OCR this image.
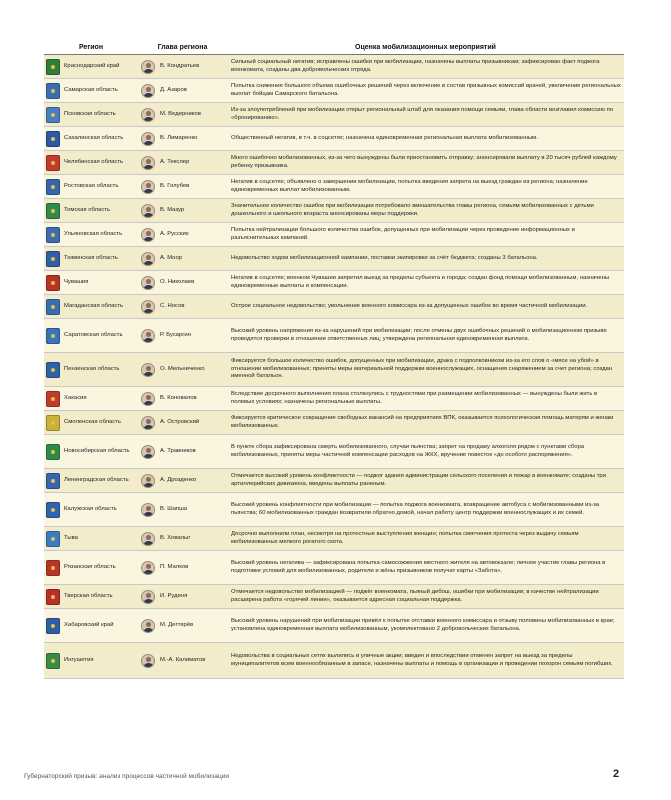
Регион	Глава региона	Оценка мобилизационных мероприятий

Краснодарский край	В. Кондратьев	Сильный социальный негатив; исправлены ошибки при мобилизации, назначены выплаты призывникам; зафиксирован факт поджога военкомата, созданы два добровольческих отряда.

Самарская область	Д. Азаров	Попытка снижения большого объема ошибочных решений через включение в состав призывных комиссий врачей, увеличение региональных выплат бойцам Самарского батальона.

Псковская область	М. Ведерников	Из-за злоупотреблений при мобилизации открыт региональный штаб для оказания помощи семьям, глава области возглавил комиссию по «бронированию».

Сахалинская область	В. Лимаренко	Общественный негатив, в т.ч. в соцсетях; назначена единовременная региональная выплата мобилизованным.

Челябинская область	А. Текслер	Много ошибочно мобилизованных, из-за чего вынуждены были приостановить отправку; анонсировали выплату в 20 тысяч рублей каждому ребенку призывника.

Ростовская область	В. Голубев	Негатив в соцсетях; объявлено о завершении мобилизации, попытка введения запрета на выезд граждан из региона; назначение единовременных выплат мобилизованным.

Томская область	В. Мазур	Значительное количество ошибок при мобилизации потребовало вмешательства главы региона, семьям мобилизованных с детьми дошкольного и школьного возраста анонсированы меры поддержки.

Ульяновская область	А. Русских	Попытка нейтрализации большого количества ошибок, допущенных при мобилизации через проведение информационных и разъяснительных кампаний.

Тюменская область	А. Моор	Недовольство ходом мобилизационной кампании, поставки экипировки за счёт бюджета; созданы 3 батальона.

Чувашия	О. Николаев	Негатив в соцсетях; военком Чувашии запретил выезд за пределы субъекта и города; создан фонд помощи мобилизованным, назначены единовременные выплаты и компенсации.

Магаданская область	С. Носов	Острое социальное недовольство; увольнение военного комиссара из-за допущенных ошибок во время частичной мобилизации.

Саратовская область	Р. Бусаргин	Высокий уровень напряжения из-за нарушений при мобилизации; после отмены двух ошибочных решений о мобилизационном призыве проводятся проверки в отношении ответственных лиц; утверждена региональная единовременная выплата.

Пензенская область	О. Мельниченко	Фиксируется большое количество ошибок, допущенных при мобилизации, драка с подполковником из-за его слов о «мясе на убой» в отношении мобилизованных; приняты меры материальной поддержки военнослужащих, оснащения снаряжением за счет региона; создан именной батальон.

Хакасия	В. Коновалов	Вследствие досрочного выполнения плана столкнулись с трудностями при размещении мобилизованных — вынуждены были жить в полевых условиях; назначены региональные выплаты.

Смоленская область	А. Островский	Фиксируется критическое сокращение свободных вакансий на предприятиях ВПК, оказывается психологическая помощь матерям и женам мобилизованных.

Новосибирская область	А. Травников	В пункте сбора зафиксирована смерть мобилизованного, случаи пьянства; запрет на продажу алкоголя рядом с пунктами сбора мобилизованных, приняты меры частичной компенсации расходов на ЖКХ, вручение повесток «до особого распоряжения».

Ленинградская область	А. Дрозденко	Отмечается высокий уровень конфликтности — поджог здания администрации сельского поселения и пожар в военкомате; созданы три артиллерийских дивизиона, введены выплаты раненым.

Калужская область	В. Шапша	Высокий уровень конфликтности при мобилизации — попытка поджога военкомата, возвращение автобуса с мобилизованными из-за пьянства; 60 мобилизованных граждан возвратили обратно домой, начал работу центр поддержки военнослужащих и их семей.

Тыва	В. Ховалыг	Досрочно выполнили план, несмотря на протестные выступления женщин; попытка смягчения протеста через выдачу семьям мобилизованных мелкого рогатого скота.

Рязанская область	П. Малков	Высокий уровень негатива — зафиксирована попытка самосожжения местного жителя на автовокзале; личное участие главы региона в подготовке условий для мобилизованных, родители и жёны призывников получат карты «Забота».

Тверская область	И. Руденя	Отмечается недовольство мобилизацией — поджёг военкомата, пьяный дебош, ошибки при мобилизации; в качестве нейтрализации расширена работа «горячей линии», оказывается адресная социальная поддержка.

Хабаровский край	М. Дегтярёв	Высокий уровень нарушений при мобилизации привёл к попытке отставки военного комиссара и отзыву половины мобилизованных в крае; установлена единовременная выплата мобилизованным, укомплектовано 2 добровольческих батальона.

Ингушетия	М.-А. Калиматов	Недовольства в социальных сетях вылились в уличные акции; введен и впоследствии отменен запрет на выезд за пределы муниципалитетов всем военнообязанным в запасе, назначены выплаты и помощь в организации и проведении похорон семьям погибших.
Губернаторский призыв: анализ процессов частичной мобилизации	2
